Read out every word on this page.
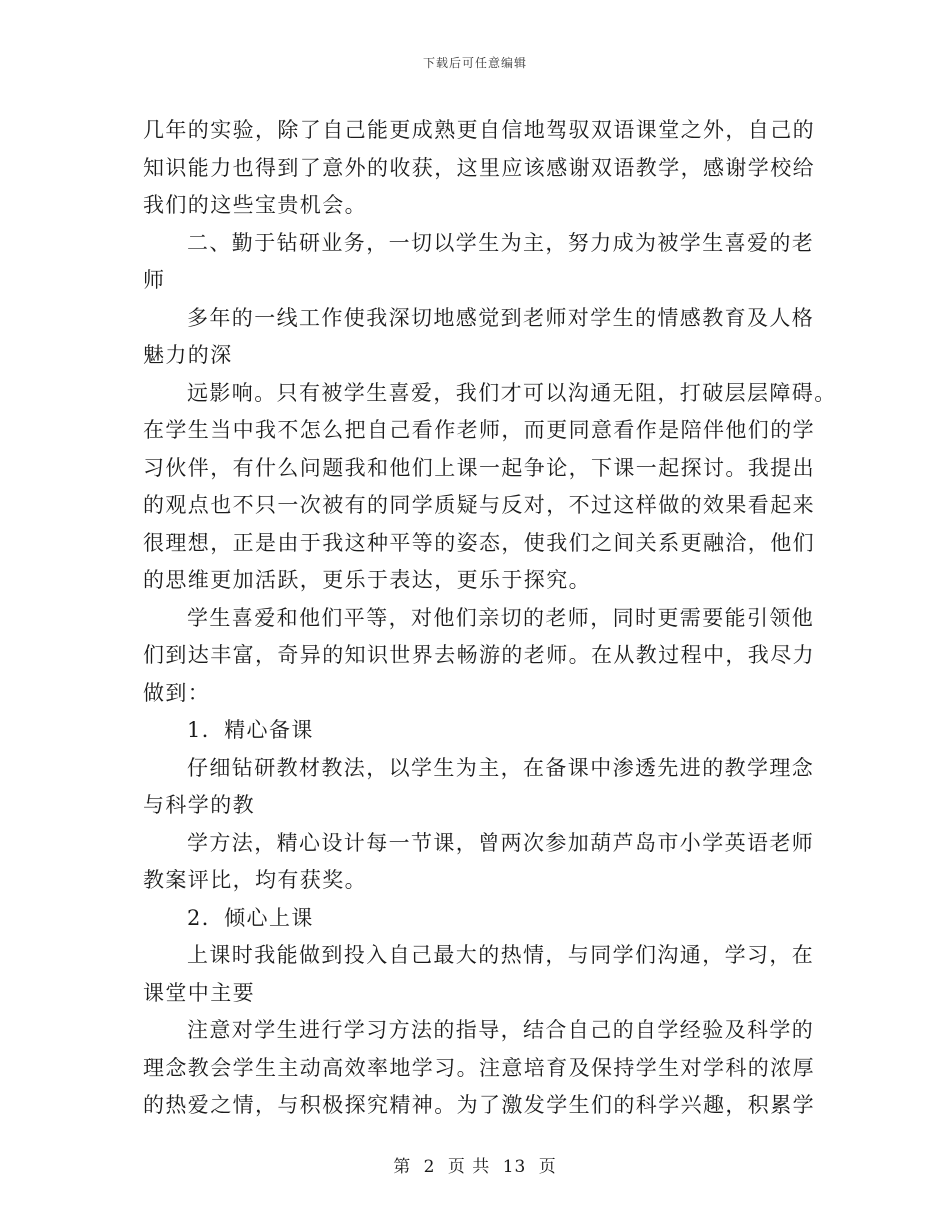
下载后可任意编辑
几年的实验，除了自己能更成熟更自信地驾驭双语课堂之外，自己的
知识能力也得到了意外的收获，这里应该感谢双语教学，感谢学校给
我们的这些宝贵机会。
二、勤于钻研业务，一切以学生为主，努力成为被学生喜爱的老
师
多年的一线工作使我深切地感觉到老师对学生的情感教育及人格
魅力的深
远影响。只有被学生喜爱，我们才可以沟通无阻，打破层层障碍。
在学生当中我不怎么把自己看作老师，而更同意看作是陪伴他们的学
习伙伴，有什么问题我和他们上课一起争论，下课一起探讨。我提出
的观点也不只一次被有的同学质疑与反对，不过这样做的效果看起来
很理想，正是由于我这种平等的姿态，使我们之间关系更融洽，他们
的思维更加活跃，更乐于表达，更乐于探究。
学生喜爱和他们平等，对他们亲切的老师，同时更需要能引领他
们到达丰富，奇异的知识世界去畅游的老师。在从教过程中，我尽力
做到：
1．精心备课
仔细钻研教材教法，以学生为主，在备课中渗透先进的教学理念
与科学的教
学方法，精心设计每一节课，曾两次参加葫芦岛市小学英语老师
教案评比，均有获奖。
2．倾心上课
上课时我能做到投入自己最大的热情，与同学们沟通，学习，在
课堂中主要
注意对学生进行学习方法的指导，结合自己的自学经验及科学的
理念教会学生主动高效率地学习。注意培育及保持学生对学科的浓厚
的热爱之情，与积极探究精神。为了激发学生们的科学兴趣，积累学
第 2 页 共 13 页
